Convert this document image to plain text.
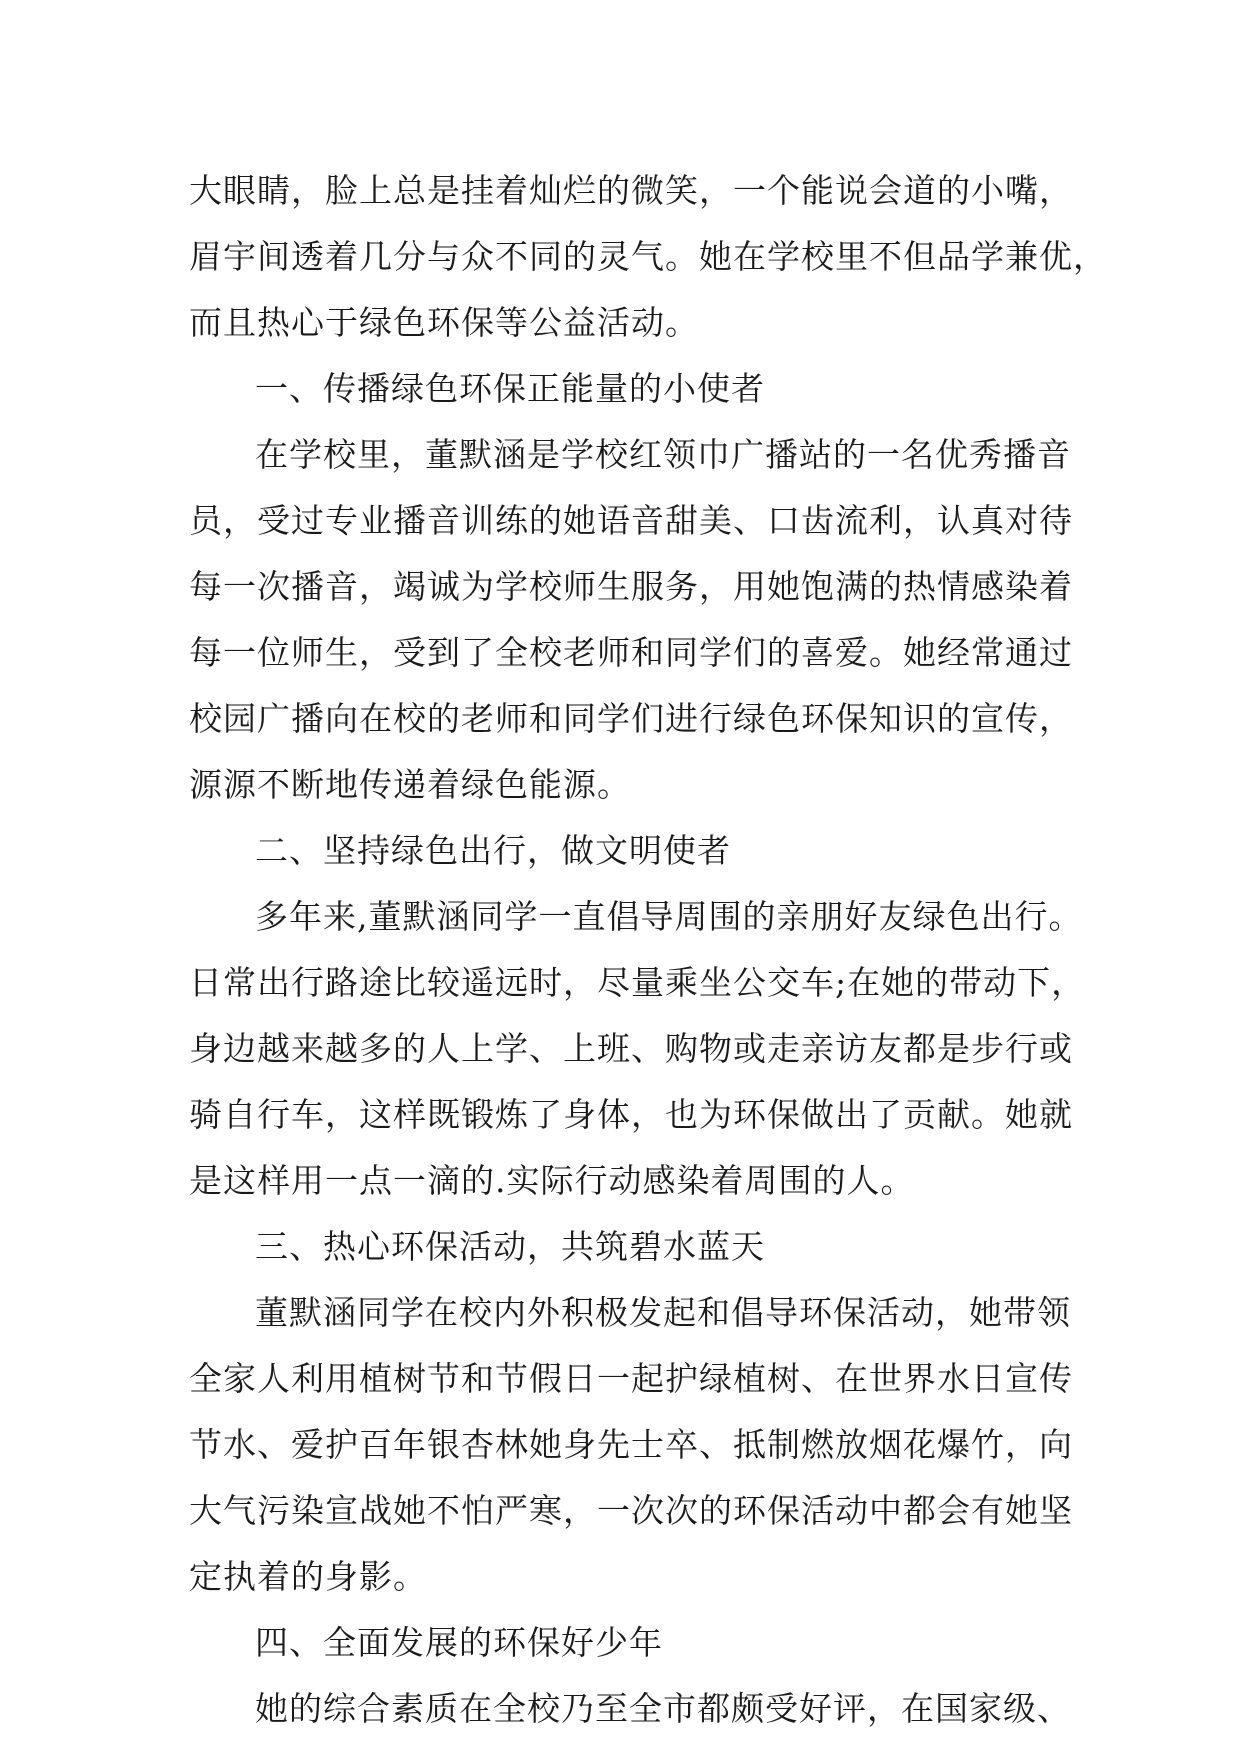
大眼睛，脸上总是挂着灿烂的微笑，一个能说会道的小嘴，
眉宇间透着几分与众不同的灵气。她在学校里不但品学兼优，
而且热心于绿色环保等公益活动。
一、传播绿色环保正能量的小使者
在学校里，董默涵是学校红领巾广播站的一名优秀播音
员，受过专业播音训练的她语音甜美、口齿流利，认真对待
每一次播音，竭诚为学校师生服务，用她饱满的热情感染着
每一位师生，受到了全校老师和同学们的喜爱。她经常通过
校园广播向在校的老师和同学们进行绿色环保知识的宣传，
源源不断地传递着绿色能源。
二、坚持绿色出行，做文明使者
多年来,董默涵同学一直倡导周围的亲朋好友绿色出行。
日常出行路途比较遥远时，尽量乘坐公交车;在她的带动下，
身边越来越多的人上学、上班、购物或走亲访友都是步行或
骑自行车，这样既锻炼了身体，也为环保做出了贡献。她就
是这样用一点一滴的.实际行动感染着周围的人。
三、热心环保活动，共筑碧水蓝天
董默涵同学在校内外积极发起和倡导环保活动，她带领
全家人利用植树节和节假日一起护绿植树、在世界水日宣传
节水、爱护百年银杏林她身先士卒、抵制燃放烟花爆竹，向
大气污染宣战她不怕严寒，一次次的环保活动中都会有她坚
定执着的身影。
四、全面发展的环保好少年
她的综合素质在全校乃至全市都颇受好评，在国家级、
